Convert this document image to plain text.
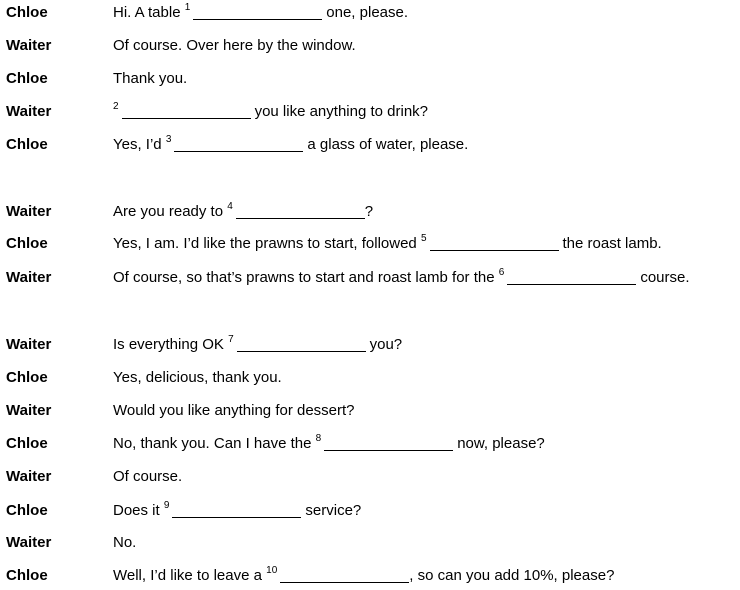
Chloe	Hi. A table $^1$	one, please.
Waiter	Of course. Over here by the window.
Chloe	Thank you.
Waiter	$^2$	you like anything to drink?
Chloe	Yes, I’d $^3$	a glass of water, please.
Waiter	Are you ready to $^4$	?
Chloe	Yes, I am. I’d like the prawns to start, followed $^5$	the roast lamb.
Waiter	Of course, so that’s prawns to start and roast lamb for the $^6$	course.
Waiter	Is everything OK $^7$	you?
Chloe	Yes, delicious, thank you.
Waiter	Would you like anything for dessert?
Chloe	No, thank you. Can I have the $^8$	now, please?
Waiter	Of course.
Chloe	Does it $^9$	service?
Waiter	No.
Chloe	Well, I’d like to leave a $^{10}$	, so can you add 10%, please?
